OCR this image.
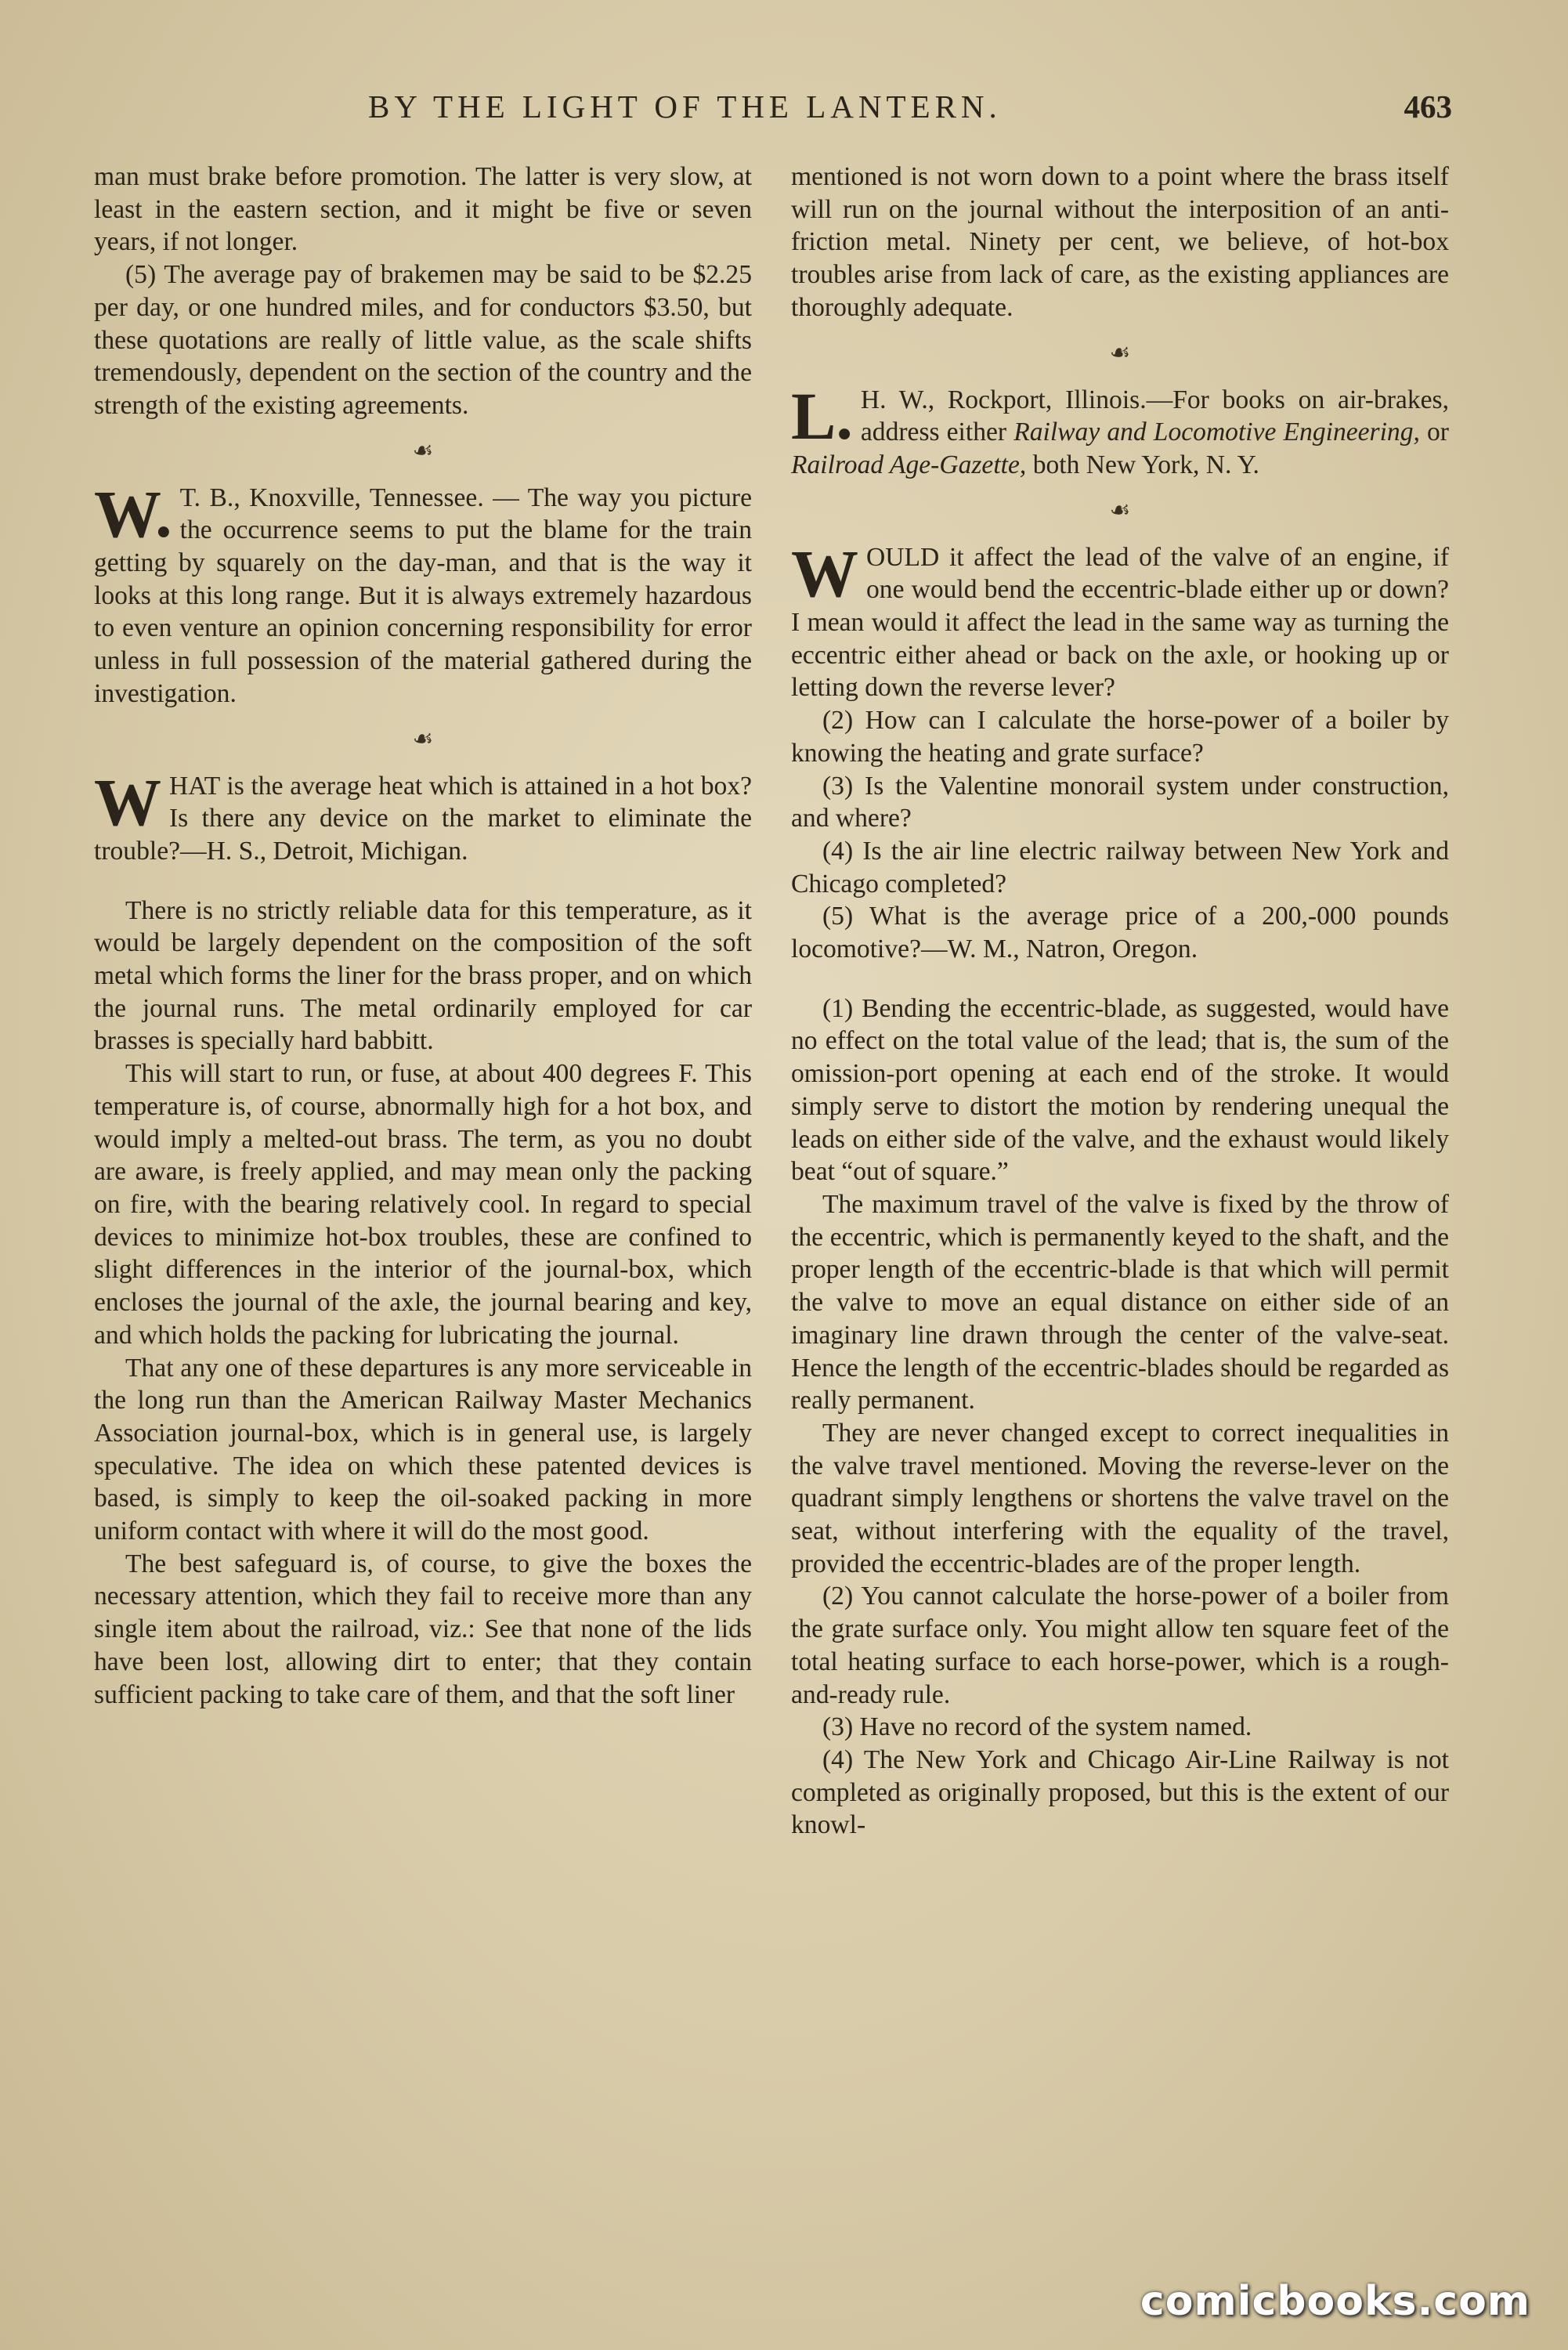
BY THE LIGHT OF THE LANTERN.	463

man must brake before promotion. The latter is very slow, at least in the eastern section, and it might be five or seven years, if not longer.

(5) The average pay of brakemen may be said to be $2.25 per day, or one hundred miles, and for conductors $3.50, but these quotations are really of little value, as the scale shifts tremendously, dependent on the section of the country and the strength of the existing agreements.

☙

W. T. B., Knoxville, Tennessee. — The way you picture the occurrence seems to put the blame for the train getting by squarely on the day-man, and that is the way it looks at this long range. But it is always extremely hazardous to even venture an opinion concerning responsibility for error unless in full possession of the material gathered during the investigation.

☙

W HAT is the average heat which is attained in a hot box? Is there any device on the market to eliminate the trouble?—H. S., Detroit, Michigan.

There is no strictly reliable data for this temperature, as it would be largely dependent on the composition of the soft metal which forms the liner for the brass proper, and on which the journal runs. The metal ordinarily employed for car brasses is specially hard babbitt.

This will start to run, or fuse, at about 400 degrees F. This temperature is, of course, abnormally high for a hot box, and would imply a melted-out brass. The term, as you no doubt are aware, is freely applied, and may mean only the packing on fire, with the bearing relatively cool. In regard to special devices to minimize hot-box troubles, these are confined to slight differences in the interior of the journal-box, which encloses the journal of the axle, the journal bearing and key, and which holds the packing for lubricating the journal.

That any one of these departures is any more serviceable in the long run than the American Railway Master Mechanics Association journal-box, which is in general use, is largely speculative. The idea on which these patented devices is based, is simply to keep the oil-soaked packing in more uniform contact with where it will do the most good.

The best safeguard is, of course, to give the boxes the necessary attention, which they fail to receive more than any single item about the railroad, viz.: See that none of the lids have been lost, allowing dirt to enter; that they contain sufficient packing to take care of them, and that the soft liner

mentioned is not worn down to a point where the brass itself will run on the journal without the interposition of an anti-friction metal. Ninety per cent, we believe, of hot-box troubles arise from lack of care, as the existing appliances are thoroughly adequate.

☙

L. H. W., Rockport, Illinois.—For books on air-brakes, address either Railway and Locomotive Engineering, or Railroad Age-Gazette, both New York, N. Y.

☙

W OULD it affect the lead of the valve of an engine, if one would bend the eccentric-blade either up or down? I mean would it affect the lead in the same way as turning the eccentric either ahead or back on the axle, or hooking up or letting down the reverse lever?

(2) How can I calculate the horse-power of a boiler by knowing the heating and grate surface?

(3) Is the Valentine monorail system under construction, and where?

(4) Is the air line electric railway between New York and Chicago completed?

(5) What is the average price of a 200,-000 pounds locomotive?—W. M., Natron, Oregon.

(1) Bending the eccentric-blade, as suggested, would have no effect on the total value of the lead; that is, the sum of the omission-port opening at each end of the stroke. It would simply serve to distort the motion by rendering unequal the leads on either side of the valve, and the exhaust would likely beat “out of square.”

The maximum travel of the valve is fixed by the throw of the eccentric, which is permanently keyed to the shaft, and the proper length of the eccentric-blade is that which will permit the valve to move an equal distance on either side of an imaginary line drawn through the center of the valve-seat. Hence the length of the eccentric-blades should be regarded as really permanent.

They are never changed except to correct inequalities in the valve travel mentioned. Moving the reverse-lever on the quadrant simply lengthens or shortens the valve travel on the seat, without interfering with the equality of the travel, provided the eccentric-blades are of the proper length.

(2) You cannot calculate the horse-power of a boiler from the grate surface only. You might allow ten square feet of the total heating surface to each horse-power, which is a rough-and-ready rule.

(3) Have no record of the system named.

(4) The New York and Chicago Air-Line Railway is not completed as originally proposed, but this is the extent of our knowl-

comicbooks.com
